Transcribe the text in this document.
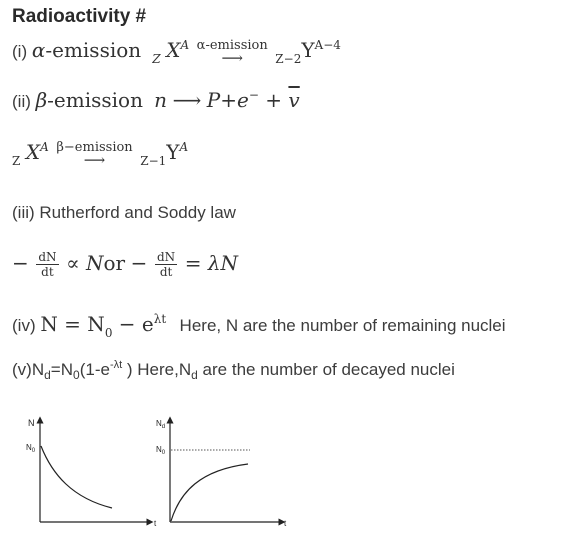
Radioactivity #
(i) α-emission $_Z$ $X^A$ α-emission
⟶	$_{Z-2}Y^{A-4}$
(ii) β-emission n ⟶ $P+e^- + \overline{v}$
$_Z$ $X^A$ β−emission
⟶	$_{Z-1}Y^A$
(iii) Rutherford and Soddy law
− $\frac{dN}{dt}$ ∝ Nor − $\frac{dN}{dt} = \lambda N$
(iv) $N = N_0 - e^{\lambda t}$ Here, N are the number of remaining nuclei
$(v)N_d=N_0(1-e^{-\lambda t}$ ) $Here,N_d$ are the number of decayed nuclei
N
$N_0$
t
$N_d$
$N_0$
t
